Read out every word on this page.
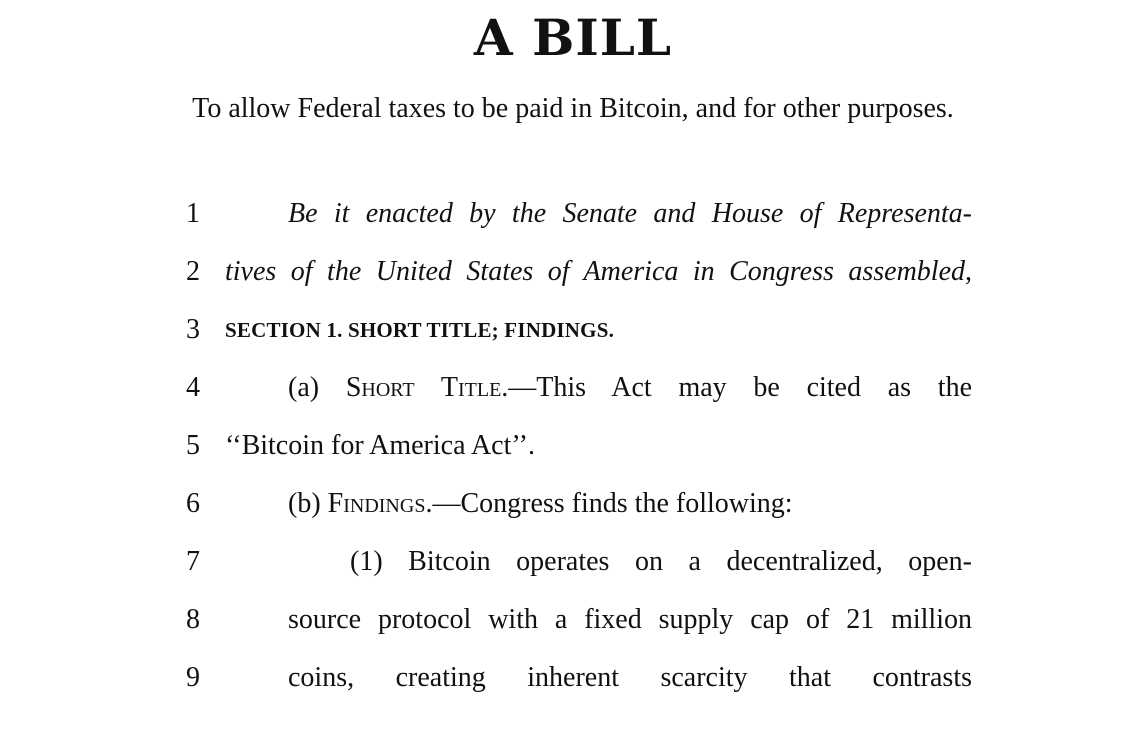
A BILL

To allow Federal taxes to be paid in Bitcoin, and for other purposes.

1	Be it enacted by the Senate and House of Representa-
2 tives of the United States of America in Congress assembled,
3	SECTION 1. SHORT TITLE; FINDINGS.
4	(a) Short Title.—This Act may be cited as the
5 ‘‘Bitcoin for America Act’’.
6	(b) Findings.—Congress finds the following:
7	(1) Bitcoin operates on a decentralized, open-
8	source protocol with a fixed supply cap of 21 million
9	coins, creating inherent scarcity that contrasts
